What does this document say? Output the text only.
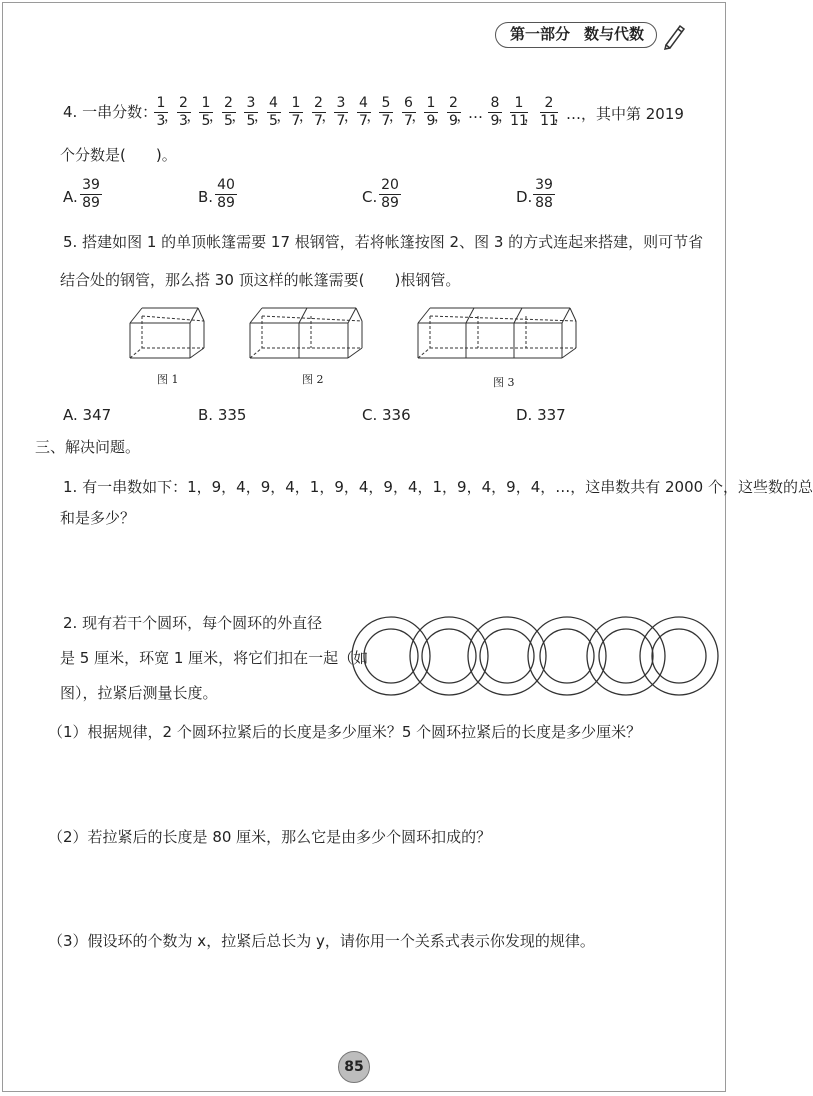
第一部分 数与代数
4. 一串分数：
$\frac{1}{3}$
，
$\frac{2}{3}$
，
$\frac{1}{5}$
，
$\frac{2}{5}$
，
$\frac{3}{5}$
，
$\frac{4}{5}$
，
$\frac{1}{7}$
，
$\frac{2}{7}$
，
$\frac{3}{7}$
，
$\frac{4}{7}$
，
$\frac{5}{7}$
，
$\frac{6}{7}$
，
$\frac{1}{9}$
，
$\frac{2}{9}$
，
… $\frac{8}{9}$
，
$\frac{1}{11}$
， $\frac{2}{11}$
，
…，其中第 2019
个分数是(　　)。
A. $\frac{39}{89}$	B. $\frac{40}{89}$	C. $\frac{20}{89}$	D. $\frac{39}{88}$
5. 搭建如图 1 的单顶帐篷需要 17 根钢管，若将帐篷按图 2、图 3 的方式连起来搭建，则可节省
结合处的钢管，那么搭 30 顶这样的帐篷需要(　　)根钢管。
图 1	图 2	图 3
A. 347	B. 335	C. 336	D. 337
三、解决问题。
1. 有一串数如下：1，9，4，9，4，1，9，4，9，4，1，9，4，9，4，…，这串数共有 2000 个，这些数的总
和是多少？
2. 现有若干个圆环，每个圆环的外直径
是 5 厘米，环宽 1 厘米，将它们扣在一起（如
图），拉紧后测量长度。
（1）根据规律，2 个圆环拉紧后的长度是多少厘米？5 个圆环拉紧后的长度是多少厘米？
（2）若拉紧后的长度是 80 厘米，那么它是由多少个圆环扣成的？
（3）假设环的个数为 x，拉紧后总长为 y，请你用一个关系式表示你发现的规律。
85
